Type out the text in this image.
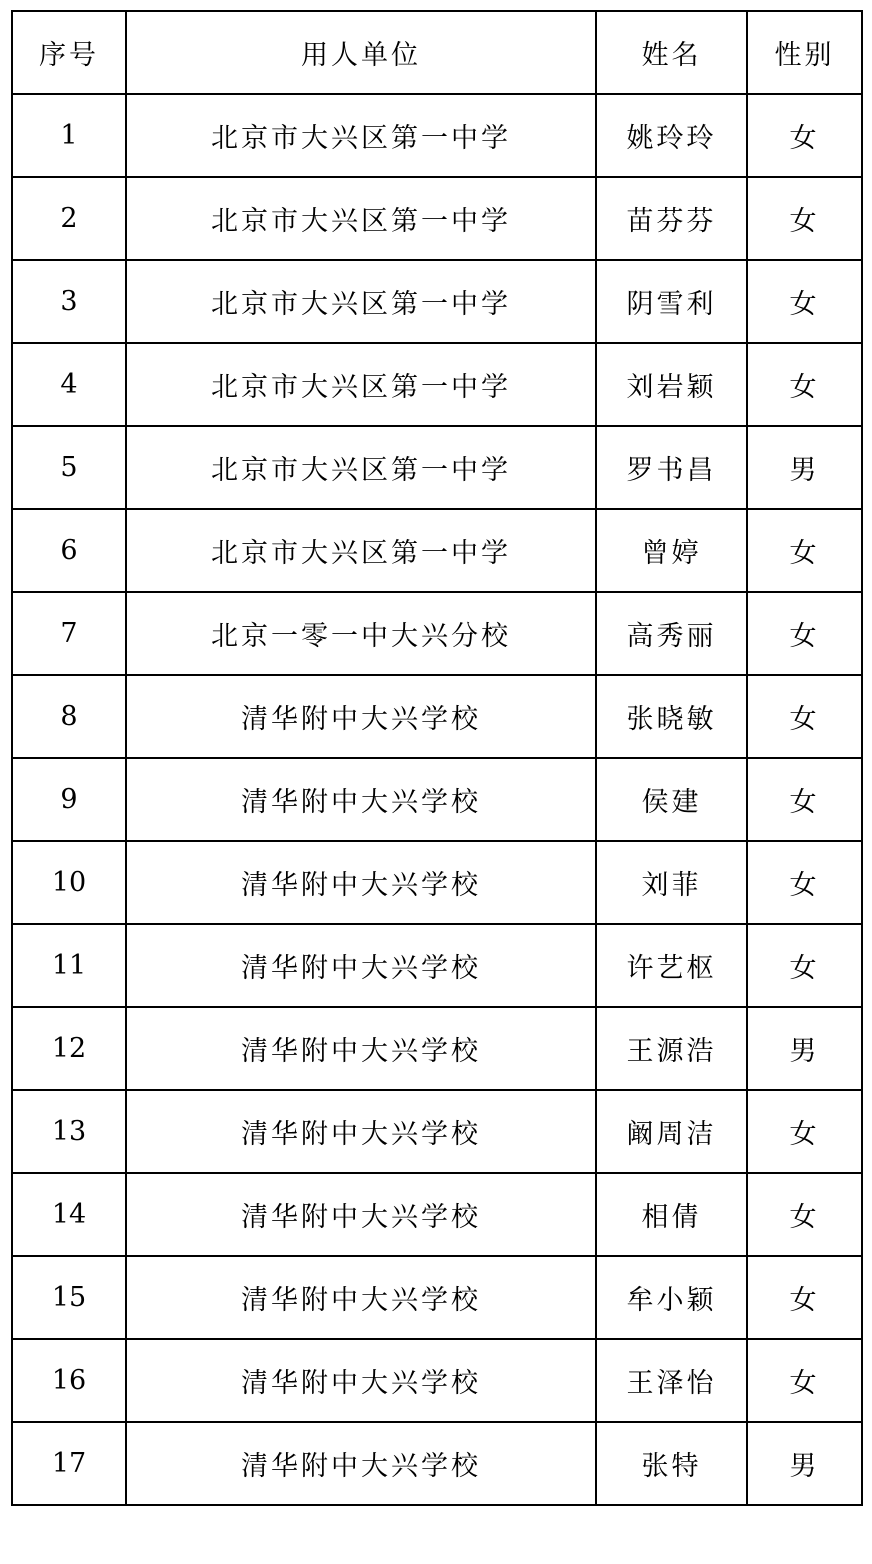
序号	用人单位	姓名	性别
1	北京市大兴区第一中学	姚玲玲	女
2	北京市大兴区第一中学	苗芬芬	女
3	北京市大兴区第一中学	阴雪利	女
4	北京市大兴区第一中学	刘岩颖	女
5	北京市大兴区第一中学	罗书昌	男
6	北京市大兴区第一中学	曾婷	女
7	北京一零一中大兴分校	高秀丽	女
8	清华附中大兴学校	张晓敏	女
9	清华附中大兴学校	侯建	女
10	清华附中大兴学校	刘菲	女
11	清华附中大兴学校	许艺枢	女
12	清华附中大兴学校	王源浩	男
13	清华附中大兴学校	阚周洁	女
14	清华附中大兴学校	相倩	女
15	清华附中大兴学校	牟小颖	女
16	清华附中大兴学校	王泽怡	女
17	清华附中大兴学校	张特	男
